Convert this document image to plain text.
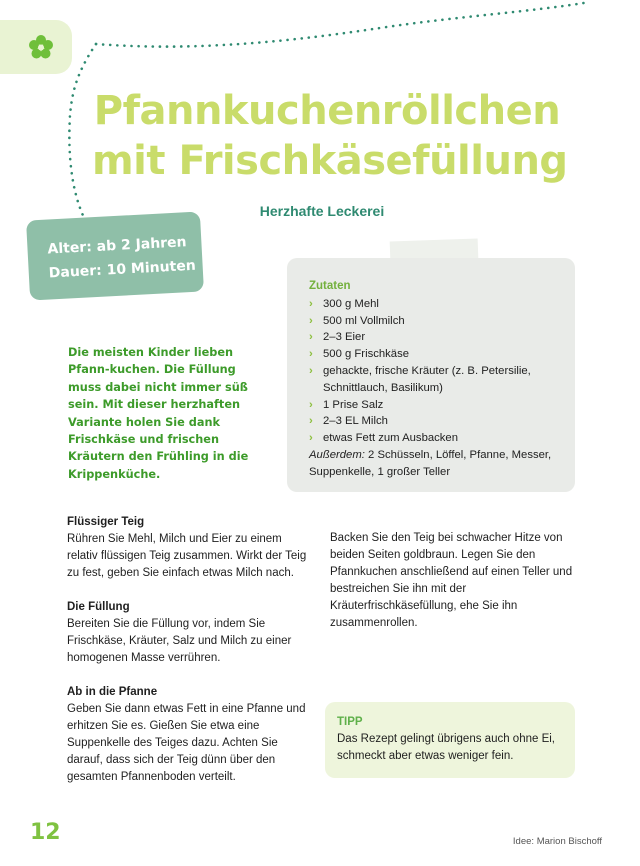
Pfannkuchenröllchen
mit Frischkäsefüllung
Herzhafte Leckerei
Alter: ab 2 Jahren
Dauer: 10 Minuten
Die meisten Kinder lieben Pfann-kuchen. Die Füllung muss dabei nicht immer süß sein. Mit dieser herzhaften Variante holen Sie dank Frischkäse und frischen Kräutern den Frühling in die Krippenküche.
Zutaten
› 300 g Mehl
› 500 ml Vollmilch
› 2–3 Eier
› 500 g Frischkäse
› gehackte, frische Kräuter (z. B. Petersilie, Schnittlauch, Basilikum)
› 1 Prise Salz
› 2–3 EL Milch
› etwas Fett zum Ausbacken
Außerdem: 2 Schüsseln, Löffel, Pfanne, Messer, Suppenkelle, 1 großer Teller
Flüssiger Teig
Rühren Sie Mehl, Milch und Eier zu einem relativ flüssigen Teig zusammen. Wirkt der Teig zu fest, geben Sie einfach etwas Milch nach.
Die Füllung
Bereiten Sie die Füllung vor, indem Sie Frischkäse, Kräuter, Salz und Milch zu einer homogenen Masse verrühren.
Ab in die Pfanne
Geben Sie dann etwas Fett in eine Pfanne und erhitzen Sie es. Gießen Sie etwa eine Suppenkelle des Teiges dazu. Achten Sie darauf, dass sich der Teig dünn über den gesamten Pfannenboden verteilt.
Backen Sie den Teig bei schwacher Hitze von beiden Seiten goldbraun. Legen Sie den Pfannkuchen anschließend auf einen Teller und bestreichen Sie ihn mit der Kräuterfrischkäsefüllung, ehe Sie ihn zusammenrollen.
TIPP
Das Rezept gelingt übrigens auch ohne Ei, schmeckt aber etwas weniger fein.
12	Idee: Marion Bischoff
